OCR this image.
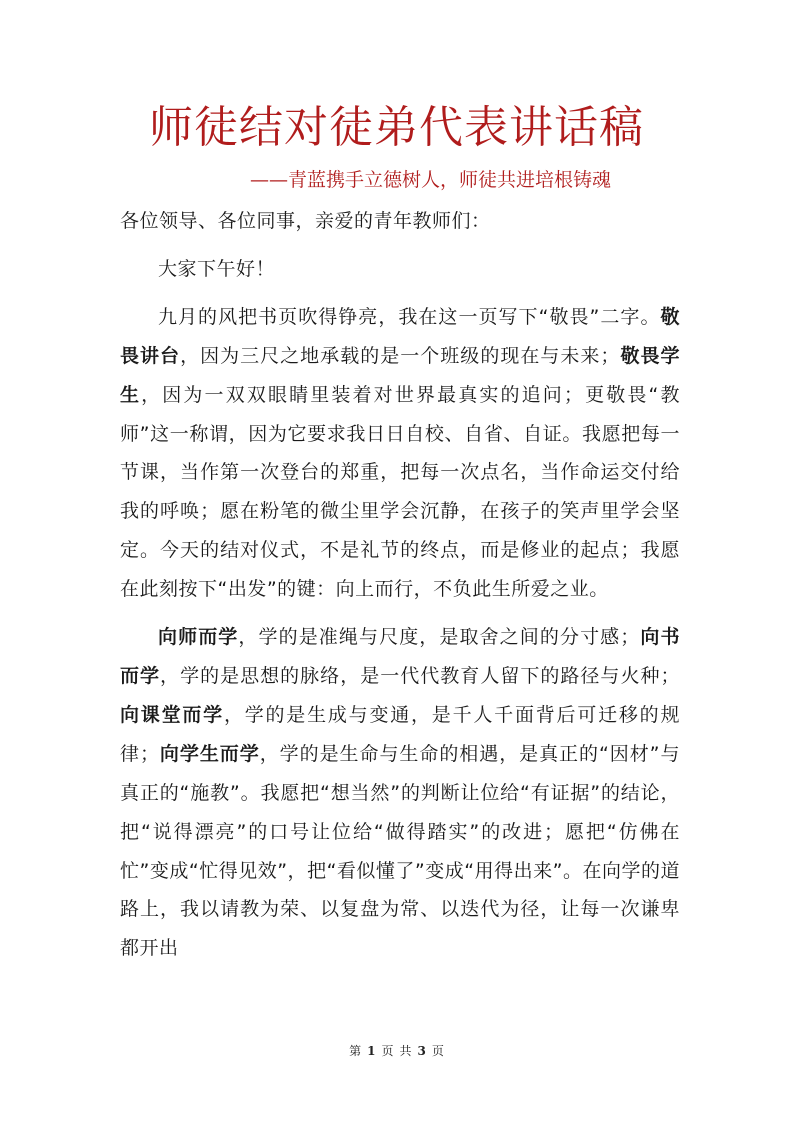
师徒结对徒弟代表讲话稿
——青蓝携手立德树人，师徒共进培根铸魂

各位领导、各位同事，亲爱的青年教师们：

大家下午好！

九月的风把书页吹得铮亮，我在这一页写下“敬畏”二字。敬畏讲台，因为三尺之地承载的是一个班级的现在与未来；敬畏学生，因为一双双眼睛里装着对世界最真实的追问；更敬畏“教师”这一称谓，因为它要求我日日自校、自省、自证。我愿把每一节课，当作第一次登台的郑重，把每一次点名，当作命运交付给我的呼唤；愿在粉笔的微尘里学会沉静，在孩子的笑声里学会坚定。今天的结对仪式，不是礼节的终点，而是修业的起点；我愿在此刻按下“出发”的键：向上而行，不负此生所爱之业。

向师而学，学的是准绳与尺度，是取舍之间的分寸感；向书而学，学的是思想的脉络，是一代代教育人留下的路径与火种；向课堂而学，学的是生成与变通，是千人千面背后可迁移的规律；向学生而学，学的是生命与生命的相遇，是真正的“因材”与真正的“施教”。我愿把“想当然”的判断让位给“有证据”的结论，把“说得漂亮”的口号让位给“做得踏实”的改进；愿把“仿佛在忙”变成“忙得见效”，把“看似懂了”变成“用得出来”。在向学的道路上，我以请教为荣、以复盘为常、以迭代为径，让每一次谦卑都开出

第 1 页 共 3 页
